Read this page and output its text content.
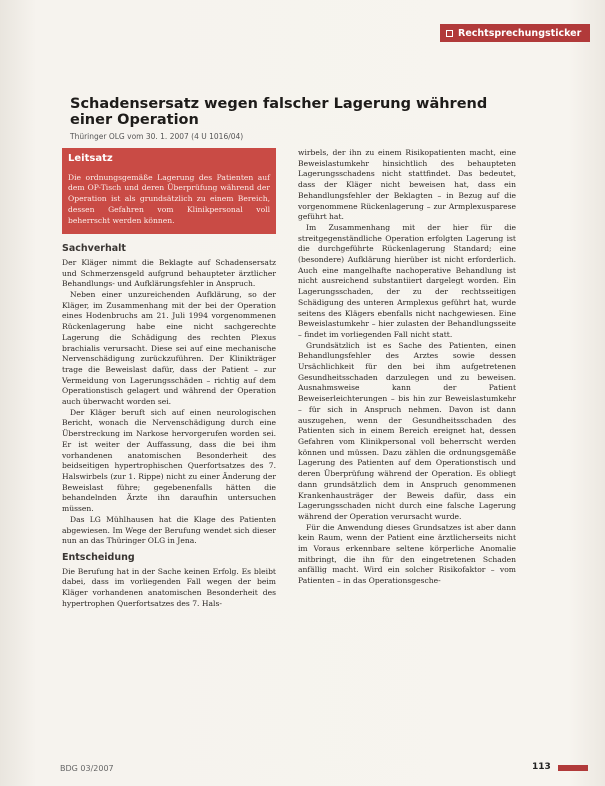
Rechtsprechungsticker
Schadensersatz wegen falscher Lagerung während einer Operation
Thüringer OLG vom 30. 1. 2007 (4 U 1016/04)
Leitsatz
Die ordnungsgemäße Lagerung des Patienten auf dem OP-Tisch und deren Überprüfung während der Operation ist als grundsätzlich zu einem Bereich, dessen Gefahren vom Klinikpersonal voll beherrscht werden können.
Sachverhalt

Der Kläger nimmt die Beklagte auf Schadensersatz und Schmerzensgeld aufgrund behaupteter ärztlicher Behandlungs- und Aufklärungsfehler in Anspruch.

Neben einer unzureichenden Aufklärung, so der Kläger, im Zusammenhang mit der bei der Operation eines Hodenbruchs am 21. Juli 1994 vorgenommenen Rückenlagerung habe eine nicht sachgerechte Lagerung die Schädigung des rechten Plexus brachialis verursacht. Diese sei auf eine mechanische Nervenschädigung zurückzuführen. Der Klinikträger trage die Beweislast dafür, dass der Patient – zur Vermeidung von Lagerungsschäden – richtig auf dem Operationstisch gelagert und während der Operation auch überwacht worden sei.

Der Kläger beruft sich auf einen neurologischen Bericht, wonach die Nervenschädigung durch eine Überstreckung im Narkose hervorgerufen worden sei. Er ist weiter der Auffassung, dass die bei ihm vorhandenen anatomischen Besonderheit des beidseitigen hypertrophischen Querfortsatzes des 7. Halswirbels (zur 1. Rippe) nicht zu einer Änderung der Beweislast führe; gegebenenfalls hätten die behandelnden Ärzte ihn daraufhin untersuchen müssen.

Das LG Mühlhausen hat die Klage des Patienten abgewiesen. Im Wege der Berufung wendet sich dieser nun an das Thüringer OLG in Jena.

Entscheidung

Die Berufung hat in der Sache keinen Erfolg. Es bleibt dabei, dass im vorliegenden Fall wegen der beim Kläger vorhandenen anatomischen Besonderheit des hypertrophen Querfortsatzes des 7. Hals-

wirbels, der ihn zu einem Risikopatienten macht, eine Beweislastumkehr hinsichtlich des behaupteten Lagerungsschadens nicht stattfindet. Das bedeutet, dass der Kläger nicht beweisen hat, dass ein Behandlungsfehler der Beklagten – in Bezug auf die vorgenommene Rückenlagerung – zur Armplexusparese geführt hat.

Im Zusammenhang mit der hier für die streitgegenständliche Operation erfolgten Lagerung ist die durchgeführte Rückenlagerung Standard; eine (besondere) Aufklärung hierüber ist nicht erforderlich. Auch eine mangelhafte nachoperative Behandlung ist nicht ausreichend substantiiert dargelegt worden. Ein Lagerungsschaden, der zu der rechtsseitigen Schädigung des unteren Armplexus geführt hat, wurde seitens des Klägers ebenfalls nicht nachgewiesen. Eine Beweislastumkehr – hier zulasten der Behandlungsseite – findet im vorliegenden Fall nicht statt.

Grundsätzlich ist es Sache des Patienten, einen Behandlungsfehler des Arztes sowie dessen Ursächlichkeit für den bei ihm aufgetretenen Gesundheitsschaden darzulegen und zu beweisen. Ausnahmsweise kann der Patient Beweiserleichterungen – bis hin zur Beweislastumkehr – für sich in Anspruch nehmen. Davon ist dann auszugehen, wenn der Gesundheitsschaden des Patienten sich in einem Bereich ereignet hat, dessen Gefahren vom Klinikpersonal voll beherrscht werden können und müssen. Dazu zählen die ordnungsgemäße Lagerung des Patienten auf dem Operationstisch und deren Überprüfung während der Operation. Es obliegt dann grundsätzlich dem in Anspruch genommenen Krankenhausträger der Beweis dafür, dass ein Lagerungsschaden nicht durch eine falsche Lagerung während der Operation verursacht wurde.

Für die Anwendung dieses Grundsatzes ist aber dann kein Raum, wenn der Patient eine ärztlicherseits nicht im Voraus erkennbare seltene körperliche Anomalie mitbringt, die ihn für den eingetretenen Schaden anfällig macht. Wird ein solcher Risikofaktor – vom Patienten – in das Operationsgesche-

BDG 03/2007	113
